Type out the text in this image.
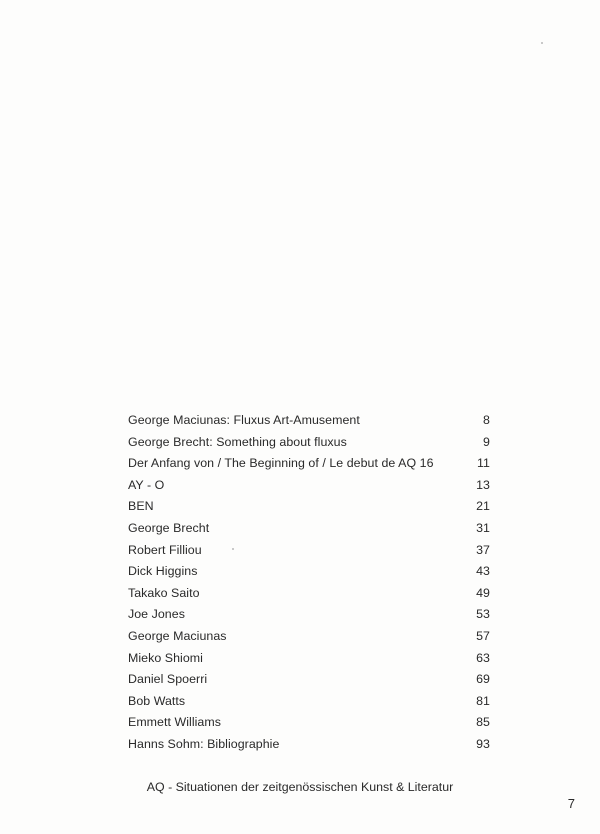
George Maciunas: Fluxus Art-Amusement	8
George Brecht: Something about fluxus	9
Der Anfang von / The Beginning of / Le debut de AQ 16	11
AY - O	13
BEN	21
George Brecht	31
Robert Filliou	37
Dick Higgins	43
Takako Saito	49
Joe Jones	53
George Maciunas	57
Mieko Shiomi	63
Daniel Spoerri	69
Bob Watts	81
Emmett Williams	85
Hanns Sohm: Bibliographie	93
AQ - Situationen der zeitgenössischen Kunst & Literatur
7
